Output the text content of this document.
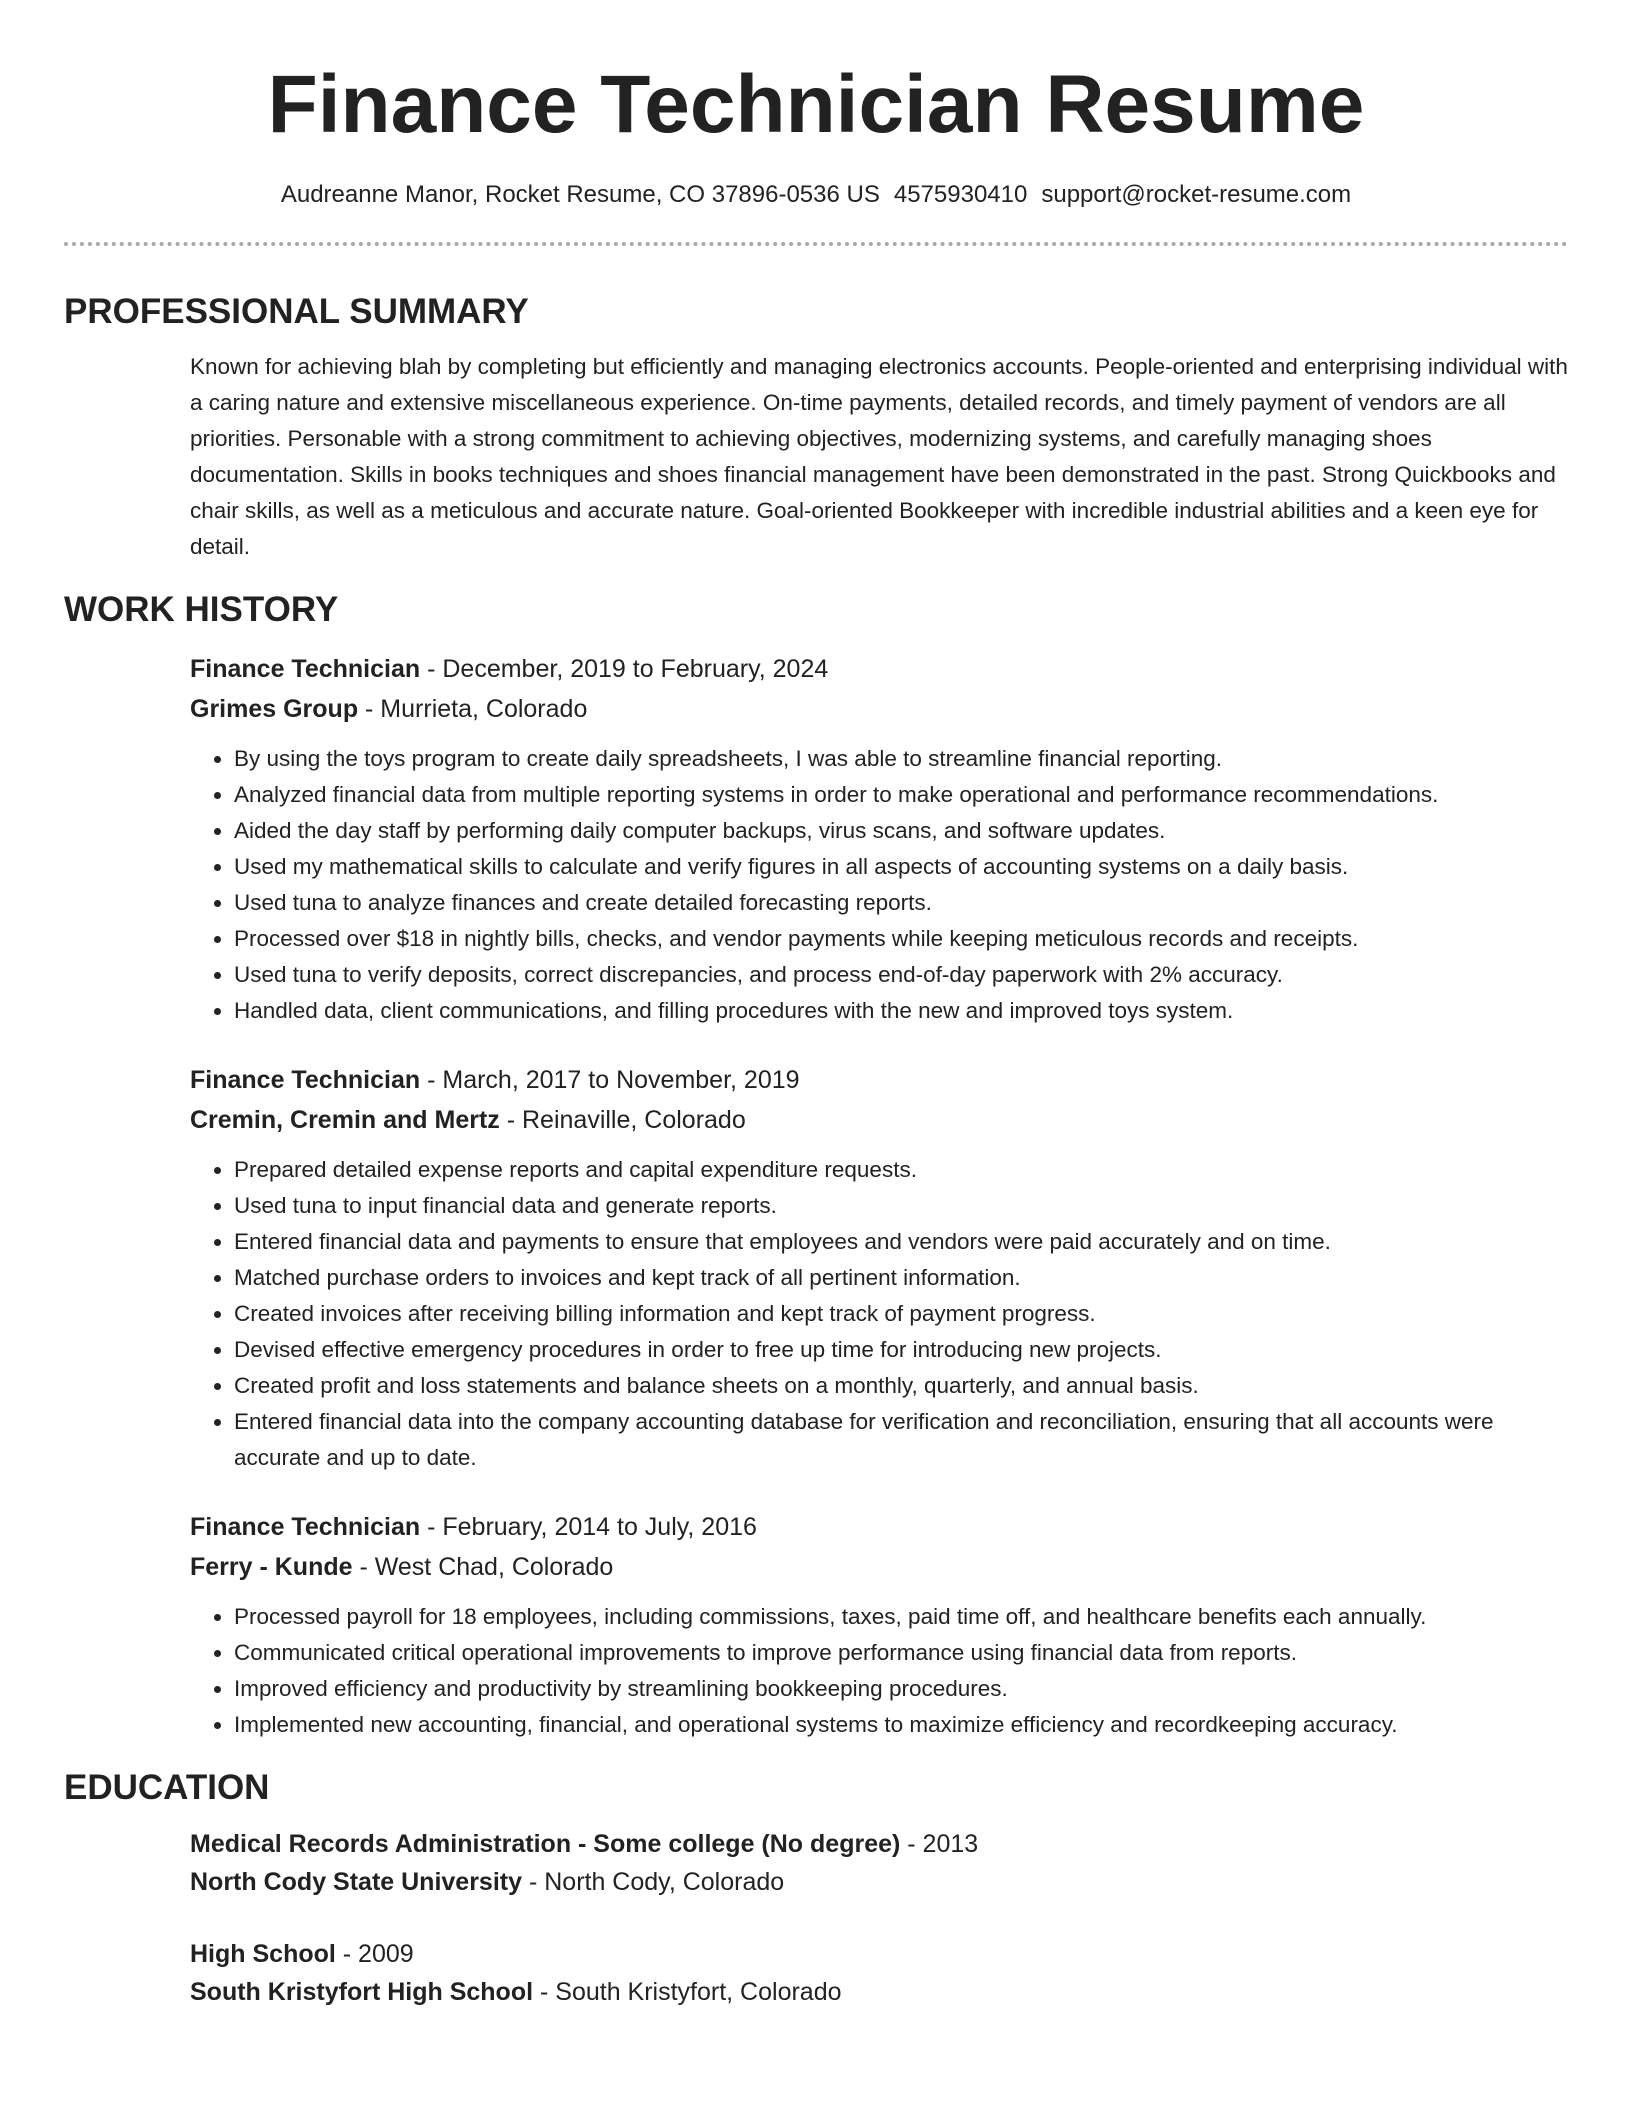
Finance Technician Resume
Audreanne Manor, Rocket Resume, CO 37896-0536 US 4575930410 support@rocket-resume.com
PROFESSIONAL SUMMARY

Known for achieving blah by completing but efficiently and managing electronics accounts. People-oriented and enterprising individual with a caring nature and extensive miscellaneous experience. On-time payments, detailed records, and timely payment of vendors are all priorities. Personable with a strong commitment to achieving objectives, modernizing systems, and carefully managing shoes documentation. Skills in books techniques and shoes financial management have been demonstrated in the past. Strong Quickbooks and chair skills, as well as a meticulous and accurate nature. Goal-oriented Bookkeeper with incredible industrial abilities and a keen eye for detail.

WORK HISTORY

Finance Technician - December, 2019 to February, 2024

Grimes Group - Murrieta, Colorado

• By using the toys program to create daily spreadsheets, I was able to streamline financial reporting.
• Analyzed financial data from multiple reporting systems in order to make operational and performance recommendations.
• Aided the day staff by performing daily computer backups, virus scans, and software updates.
• Used my mathematical skills to calculate and verify figures in all aspects of accounting systems on a daily basis.
• Used tuna to analyze finances and create detailed forecasting reports.
• Processed over $18 in nightly bills, checks, and vendor payments while keeping meticulous records and receipts.
• Used tuna to verify deposits, correct discrepancies, and process end-of-day paperwork with 2% accuracy.
• Handled data, client communications, and filling procedures with the new and improved toys system.

Finance Technician - March, 2017 to November, 2019

Cremin, Cremin and Mertz - Reinaville, Colorado

• Prepared detailed expense reports and capital expenditure requests.
• Used tuna to input financial data and generate reports.
• Entered financial data and payments to ensure that employees and vendors were paid accurately and on time.
• Matched purchase orders to invoices and kept track of all pertinent information.
• Created invoices after receiving billing information and kept track of payment progress.
• Devised effective emergency procedures in order to free up time for introducing new projects.
• Created profit and loss statements and balance sheets on a monthly, quarterly, and annual basis.
• Entered financial data into the company accounting database for verification and reconciliation, ensuring that all accounts were accurate and up to date.

Finance Technician - February, 2014 to July, 2016

Ferry - Kunde - West Chad, Colorado

• Processed payroll for 18 employees, including commissions, taxes, paid time off, and healthcare benefits each annually.
• Communicated critical operational improvements to improve performance using financial data from reports.
• Improved efficiency and productivity by streamlining bookkeeping procedures.
• Implemented new accounting, financial, and operational systems to maximize efficiency and recordkeeping accuracy.
EDUCATION

Medical Records Administration - Some college (No degree) - 2013

North Cody State University - North Cody, Colorado

High School - 2009

South Kristyfort High School - South Kristyfort, Colorado
